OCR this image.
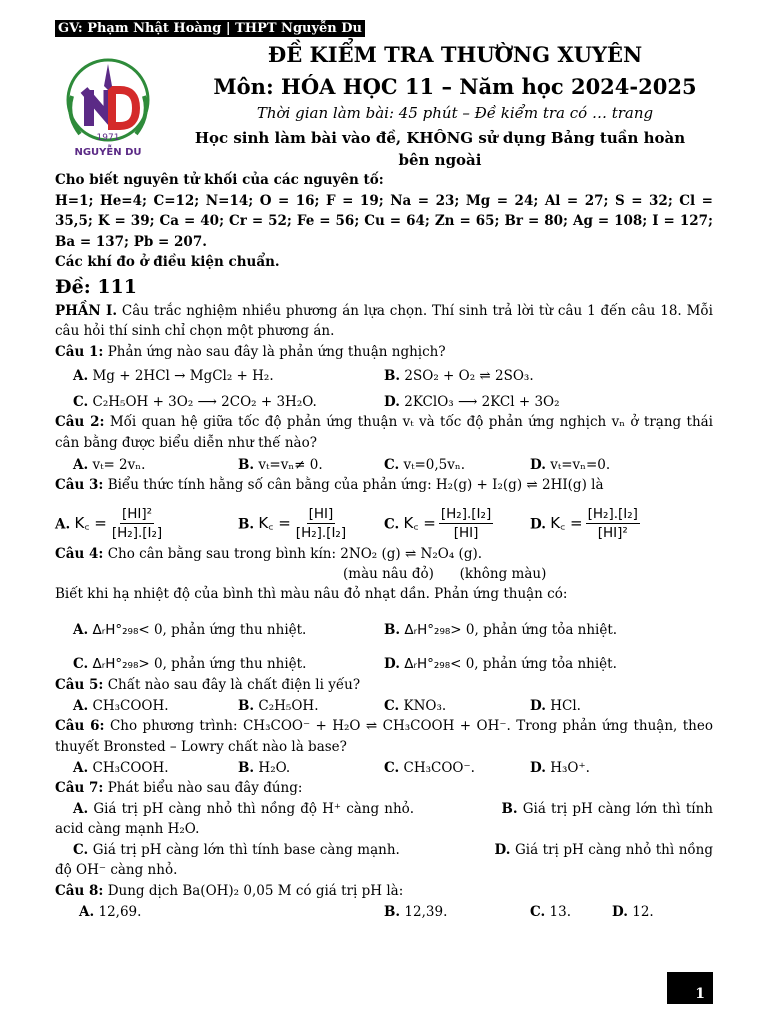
GV: Phạm Nhật Hoàng | THPT Nguyễn Du
1971
NGUYỄN DU
ĐỀ KIỂM TRA THƯỜNG XUYÊN
Môn: HÓA HỌC 11 – Năm học 2024-2025
Thời gian làm bài: 45 phút – Đề kiểm tra có … trang
Học sinh làm bài vào đề, KHÔNG sử dụng Bảng tuần hoàn bên ngoài

Cho biết nguyên tử khối của các nguyên tố:

H=1; He=4; C=12; N=14; O = 16; F = 19; Na = 23; Mg = 24; Al = 27; S = 32; Cl = 35,5; K = 39; Ca = 40; Cr = 52; Fe = 56; Cu = 64; Zn = 65; Br = 80; Ag = 108; I = 127; Ba = 137; Pb = 207.

Các khí đo ở điều kiện chuẩn.

Đề: 111

PHẦN I. Câu trắc nghiệm nhiều phương án lựa chọn. Thí sinh trả lời từ câu 1 đến câu 18. Mỗi câu hỏi thí sinh chỉ chọn một phương án.

Câu 1: Phản ứng nào sau đây là phản ứng thuận nghịch?

A. Mg + 2HCl → MgCl₂ + H₂.	B. 2SO₂ + O₂ ⇌ 2SO₃.
C. C₂H₅OH + 3O₂ ⟶ 2CO₂ + 3H₂O.	D. 2KClO₃ ⟶ 2KCl + 3O₂

Câu 2: Mối quan hệ giữa tốc độ phản ứng thuận vₜ và tốc độ phản ứng nghịch vₙ ở trạng thái cân bằng được biểu diễn như thế nào?

A. vₜ= 2vₙ.	B. vₜ=vₙ≠ 0.	C. vₜ=0,5vₙ.	D. vₜ=vₙ=0.

Câu 3: Biểu thức tính hằng số cân bằng của phản ứng: H₂(g) + I₂(g) ⇌ 2HI(g) là

A. K꜀ = $\frac{\text{[HI]²}}{\text{[H₂].[I₂]}}$	B. K꜀ = $\frac{[HI]}{\text{[H₂].[I₂]}}$	C. K꜀ = $\frac{\text{[H₂].[I₂]}}{[HI]}$	D. K꜀ = $\frac{\text{[H₂].[I₂]}}{\text{[HI]²}}$

Câu 4: Cho cân bằng sau trong bình kín: 2NO₂ (g) ⇌ N₂O₄ (g).

(màu nâu đỏ) (không màu)

Biết khi hạ nhiệt độ của bình thì màu nâu đỏ nhạt dần. Phản ứng thuận có:

A. ΔᵣH°₂₉₈< 0, phản ứng thu nhiệt.	B. ΔᵣH°₂₉₈> 0, phản ứng tỏa nhiệt.
C. ΔᵣH°₂₉₈> 0, phản ứng thu nhiệt.	D. ΔᵣH°₂₉₈< 0, phản ứng tỏa nhiệt.

Câu 5: Chất nào sau đây là chất điện li yếu?

A. CH₃COOH.	B. C₂H₅OH.	C. KNO₃.	D. HCl.

Câu 6: Cho phương trình: CH₃COO⁻ + H₂O ⇌ CH₃COOH + OH⁻. Trong phản ứng thuận, theo thuyết Bronsted – Lowry chất nào là base?

A. CH₃COOH.	B. H₂O.	C. CH₃COO⁻.	D. H₃O⁺.

Câu 7: Phát biểu nào sau đây đúng:

A. Giá trị pH càng nhỏ thì nồng độ H⁺ càng nhỏ.	B. Giá trị pH càng lớn thì tính acid càng mạnh H₂O.

C. Giá trị pH càng lớn thì tính base càng mạnh.	D. Giá trị pH càng nhỏ thì nồng độ OH⁻ càng nhỏ.

Câu 8: Dung dịch Ba(OH)₂ 0,05 M có giá trị pH là:

A. 12,69.	B. 12,39.	C. 13.	D. 12.
1
